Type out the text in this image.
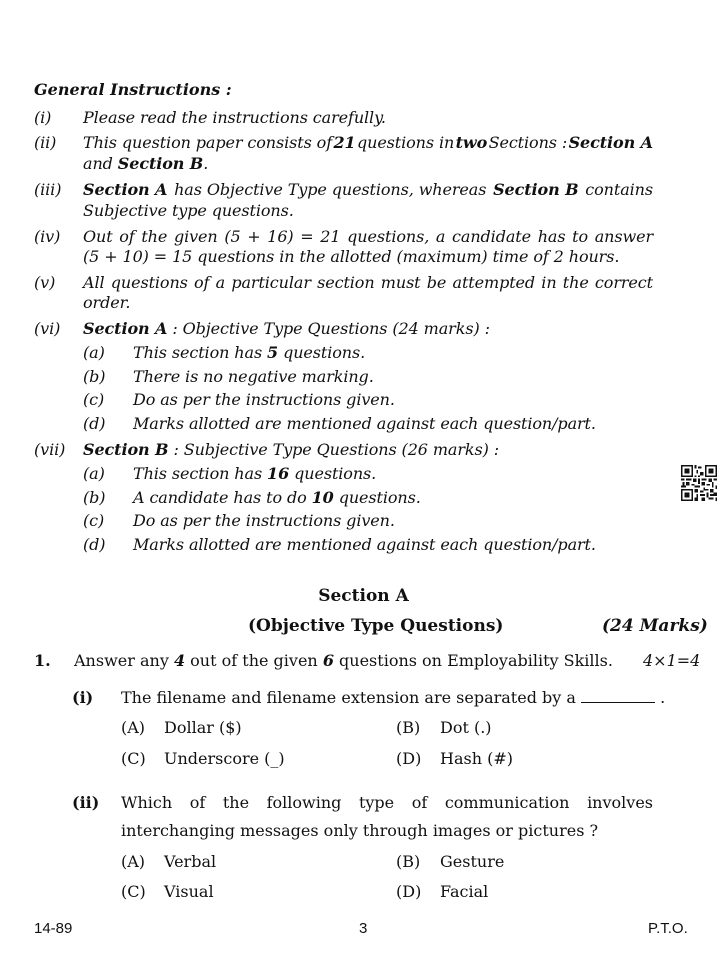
General Instructions :
(i) Please read the instructions carefully.
(ii) This question paper consists of 21 questions in two Sections : Section A
and Section B.
(iii) Section A has Objective Type questions, whereas Section B contains
Subjective type questions.
(iv) Out of the given (5 + 16) = 21 questions, a candidate has to answer
(5 + 10) = 15 questions in the allotted (maximum) time of 2 hours.
(v) All questions of a particular section must be attempted in the correct
order.
(vi) Section A : Objective Type Questions (24 marks) :
(a) This section has 5 questions.
(b) There is no negative marking.
(c) Do as per the instructions given.
(d) Marks allotted are mentioned against each question/part.
(vii) Section B : Subjective Type Questions (26 marks) :
(a) This section has 16 questions.
(b) A candidate has to do 10 questions.
(c) Do as per the instructions given.
(d) Marks allotted are mentioned against each question/part.
Section A
(Objective Type Questions)	(24 Marks)
1. Answer any 4 out of the given 6 questions on Employability Skills. 4×1=4
(i) The filename and filename extension are separated by a	.
(A) Dollar ($)	(B) Dot (.)
(C) Underscore (_)	(D) Hash (#)
(ii) Which of the following type of communication involves
interchanging messages only through images or pictures ?
(A) Verbal	(B) Gesture
(C) Visual	(D) Facial
14-89	3	P.T.O.
